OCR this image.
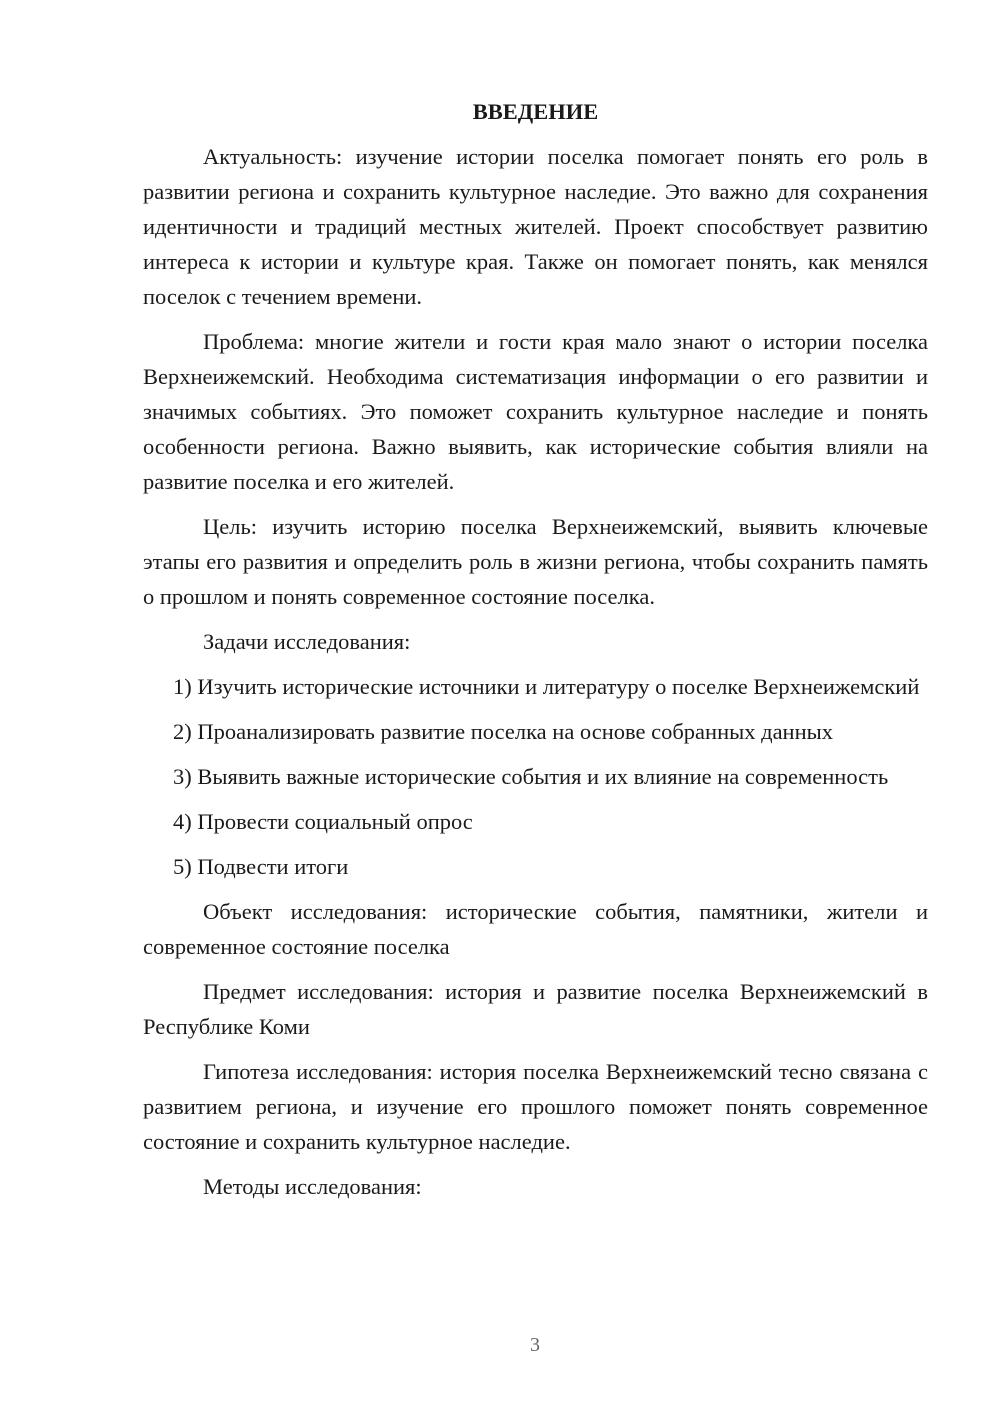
ВВЕДЕНИЕ

Актуальность: изучение истории поселка помогает понять его роль в развитии региона и сохранить культурное наследие. Это важно для сохранения идентичности и традиций местных жителей. Проект способствует развитию интереса к истории и культуре края. Также он помогает понять, как менялся поселок с течением времени.

Проблема: многие жители и гости края мало знают о истории поселка Верхнеижемский. Необходима систематизация информации о его развитии и значимых событиях. Это поможет сохранить культурное наследие и понять особенности региона. Важно выявить, как исторические события влияли на развитие поселка и его жителей.

Цель: изучить историю поселка Верхнеижемский, выявить ключевые этапы его развития и определить роль в жизни региона, чтобы сохранить память о прошлом и понять современное состояние поселка.

Задачи исследования:

1) Изучить исторические источники и литературу о поселке Верхнеижемский

2) Проанализировать развитие поселка на основе собранных данных

3) Выявить важные исторические события и их влияние на современность

4) Провести социальный опрос

5) Подвести итоги

Объект исследования: исторические события, памятники, жители и современное состояние поселка

Предмет исследования: история и развитие поселка Верхнеижемский в Республике Коми

Гипотеза исследования: история поселка Верхнеижемский тесно связана с развитием региона, и изучение его прошлого поможет понять современное состояние и сохранить культурное наследие.

Методы исследования:

3
